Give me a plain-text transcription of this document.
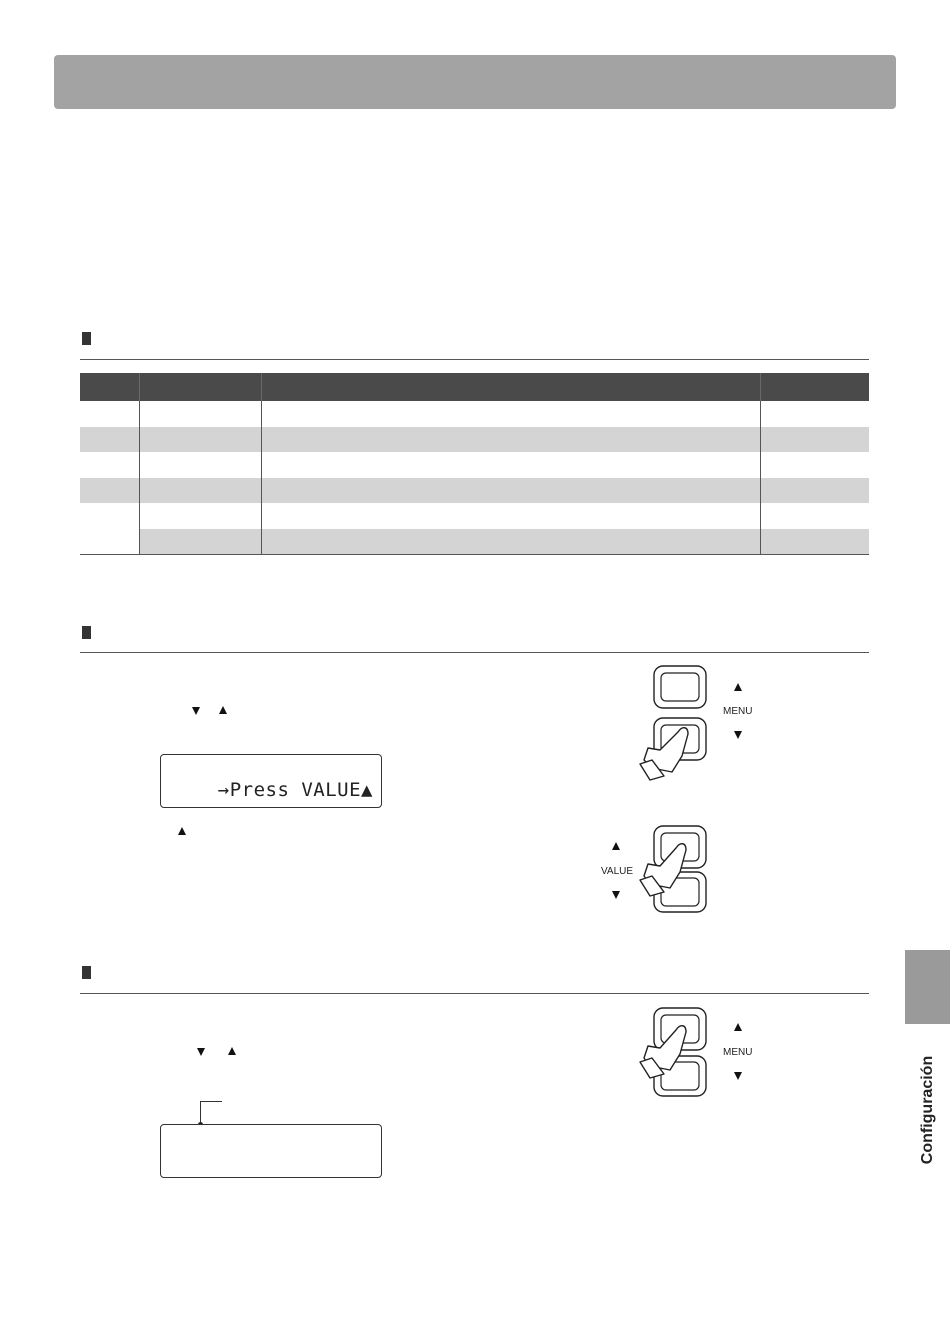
→Press VALUE▲
MENU
VALUE
MENU
Configuración
